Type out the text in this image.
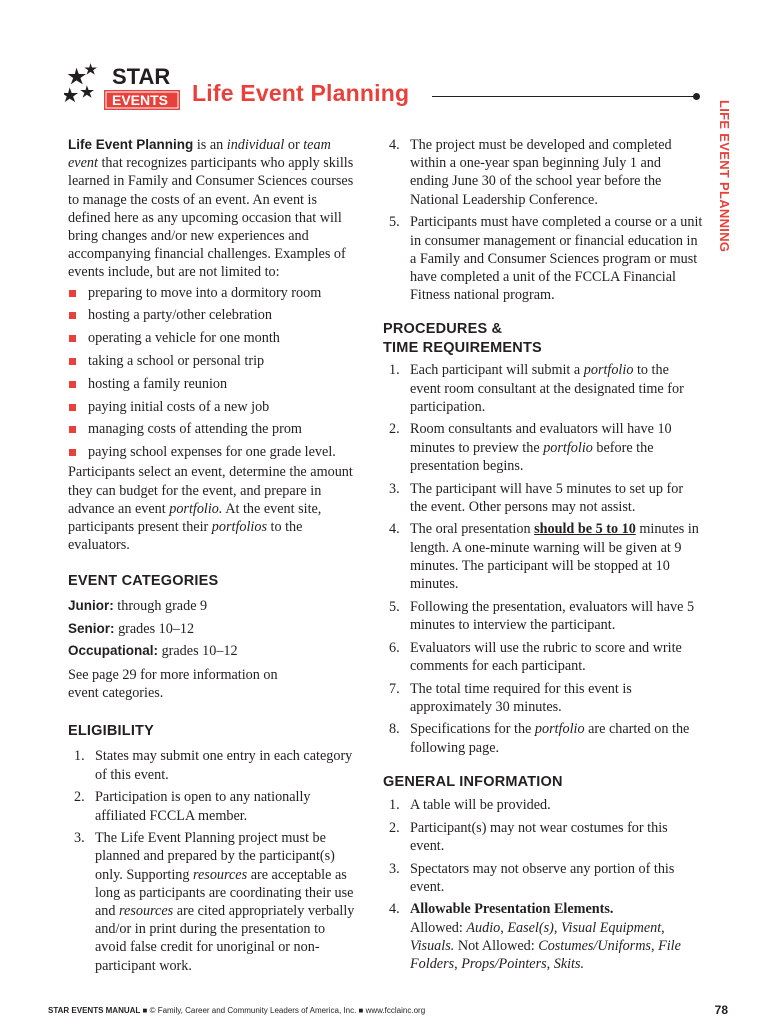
STAR
EVENTS Life Event Planning
LIFE EVENT PLANNING

Life Event Planning is an individual or team event that recognizes participants who apply skills learned in Family and Consumer Sciences courses to manage the costs of an event. An event is defined here as any upcoming occasion that will bring changes and/or new experiences and accompanying financial challenges. Examples of events include, but are not limited to:

preparing to move into a dormitory room
hosting a party/other celebration
operating a vehicle for one month
taking a school or personal trip
hosting a family reunion
paying initial costs of a new job
managing costs of attending the prom
paying school expenses for one grade level.

Participants select an event, determine the amount they can budget for the event, and prepare in advance an event portfolio. At the event site, participants present their portfolios to the evaluators.

EVENT CATEGORIES
Junior: through grade 9
Senior: grades 10–12
Occupational: grades 10–12

See page 29 for more information on event categories.

ELIGIBILITY
1. States may submit one entry in each category of this event.
2. Participation is open to any nationally affiliated FCCLA member.
3. The Life Event Planning project must be planned and prepared by the participant(s) only. Supporting resources are acceptable as long as participants are coordinating their use and resources are cited appropriately verbally and/or in print during the presentation to avoid false credit for unoriginal or non-participant work.
4. The project must be developed and completed within a one-year span beginning July 1 and ending June 30 of the school year before the National Leadership Conference.
5. Participants must have completed a course or a unit in consumer management or financial education in a Family and Consumer Sciences program or must have completed a unit of the FCCLA Financial Fitness national program.
PROCEDURES &
TIME REQUIREMENTS
1. Each participant will submit a portfolio to the event room consultant at the designated time for participation.
2. Room consultants and evaluators will have 10 minutes to preview the portfolio before the presentation begins.
3. The participant will have 5 minutes to set up for the event. Other persons may not assist.
4. The oral presentation should be 5 to 10 minutes in length. A one-minute warning will be given at 9 minutes. The participant will be stopped at 10 minutes.
5. Following the presentation, evaluators will have 5 minutes to interview the participant.
6. Evaluators will use the rubric to score and write comments for each participant.
7. The total time required for this event is approximately 30 minutes.
8. Specifications for the portfolio are charted on the following page.
GENERAL INFORMATION
1. A table will be provided.
2. Participant(s) may not wear costumes for this event.
3. Spectators may not observe any portion of this event.
4. Allowable Presentation Elements.
Allowed: Audio, Easel(s), Visual Equipment, Visuals. Not Allowed: Costumes/Uniforms, File Folders, Props/Pointers, Skits.
STAR EVENTS MANUAL ■ © Family, Career and Community Leaders of America, Inc. ■ www.fcclainc.org	78
